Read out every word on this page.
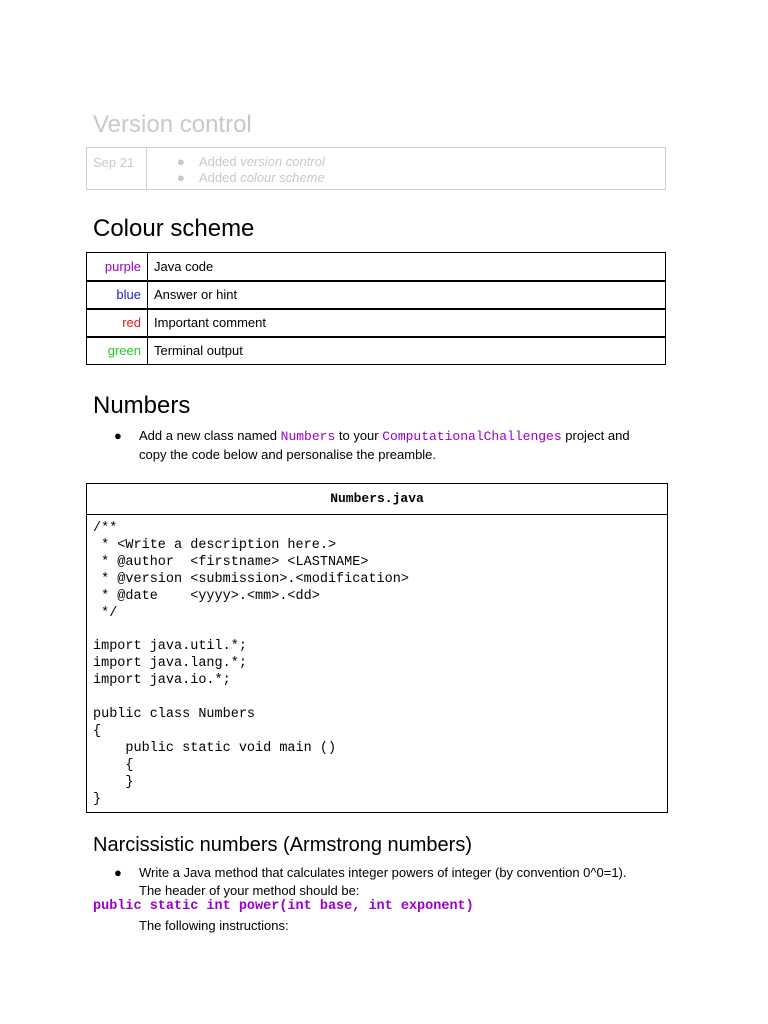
Version control
Sep 21	● Added version control
● Added colour scheme
Colour scheme
purple	Java code
blue	Answer or hint
red	Important comment
green	Terminal output
Numbers
● Add a new class named Numbers to your ComputationalChallenges project and
copy the code below and personalise the preamble.
Numbers.java
/**
* <Write a description here.>
* @author  <firstname> <LASTNAME>
* @version <submission>.<modification>
* @date    <yyyy>.<mm>.<dd>
*/

import java.util.*;
import java.lang.*;
import java.io.*;

public class Numbers
{
public static void main ()
{
}
}
Narcissistic numbers (Armstrong numbers)
● Write a Java method that calculates integer powers of integer (by convention 0^0=1).
The header of your method should be:
public static int power(int base, int exponent)
The following instructions:
